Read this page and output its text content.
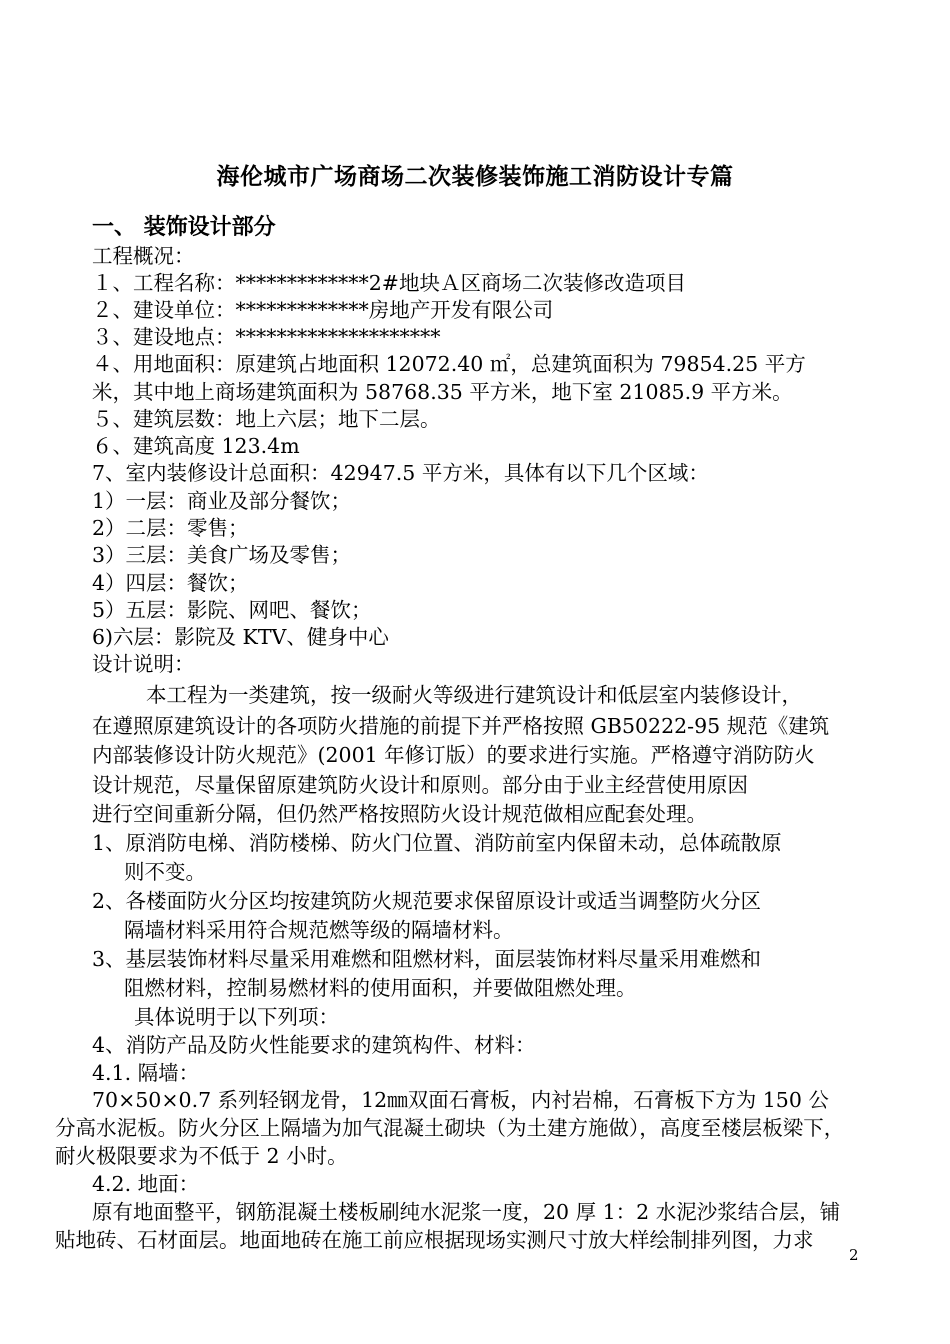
海伦城市广场商场二次装修装饰施工消防设计专篇
一、 装饰设计部分
工程概况：
１、工程名称：*************2#地块Ａ区商场二次装修改造项目
２、建设单位：*************房地产开发有限公司
３、建设地点：********************
４、用地面积：原建筑占地面积 12072.40 ㎡，总建筑面积为 79854.25 平方
米，其中地上商场建筑面积为 58768.35 平方米，地下室 21085.9 平方米。
５、建筑层数：地上六层；地下二层。
６、建筑高度 123.4m
7、室内装修设计总面积：42947.5 平方米，具体有以下几个区域：
1）一层：商业及部分餐饮；
2）二层：零售；
3）三层：美食广场及零售；
4）四层：餐饮；
5）五层：影院、网吧、餐饮；
6)六层：影院及 KTV、健身中心
设计说明：
本工程为一类建筑，按一级耐火等级进行建筑设计和低层室内装修设计，
在遵照原建筑设计的各项防火措施的前提下并严格按照 GB50222-95 规范《建筑
内部装修设计防火规范》(2001 年修订版）的要求进行实施。严格遵守消防防火
设计规范，尽量保留原建筑防火设计和原则。部分由于业主经营使用原因
进行空间重新分隔，但仍然严格按照防火设计规范做相应配套处理。
1、原消防电梯、消防楼梯、防火门位置、消防前室内保留未动，总体疏散原
则不变。
2、各楼面防火分区均按建筑防火规范要求保留原设计或适当调整防火分区
隔墙材料采用符合规范燃等级的隔墙材料。
3、基层装饰材料尽量采用难燃和阻燃材料，面层装饰材料尽量采用难燃和
阻燃材料，控制易燃材料的使用面积，并要做阻燃处理。
具体说明于以下列项：
4、消防产品及防火性能要求的建筑构件、材料：
4.1. 隔墙：
70×50×0.7 系列轻钢龙骨，12㎜双面石膏板，内衬岩棉，石膏板下方为 150 公
分高水泥板。防火分区上隔墙为加气混凝土砌块（为土建方施做），高度至楼层板梁下，
耐火极限要求为不低于 2 小时。
4.2. 地面：
原有地面整平，钢筋混凝土楼板刷纯水泥浆一度，20 厚 1：2 水泥沙浆结合层，铺
贴地砖、石材面层。地面地砖在施工前应根据现场实测尺寸放大样绘制排列图，力求
2
